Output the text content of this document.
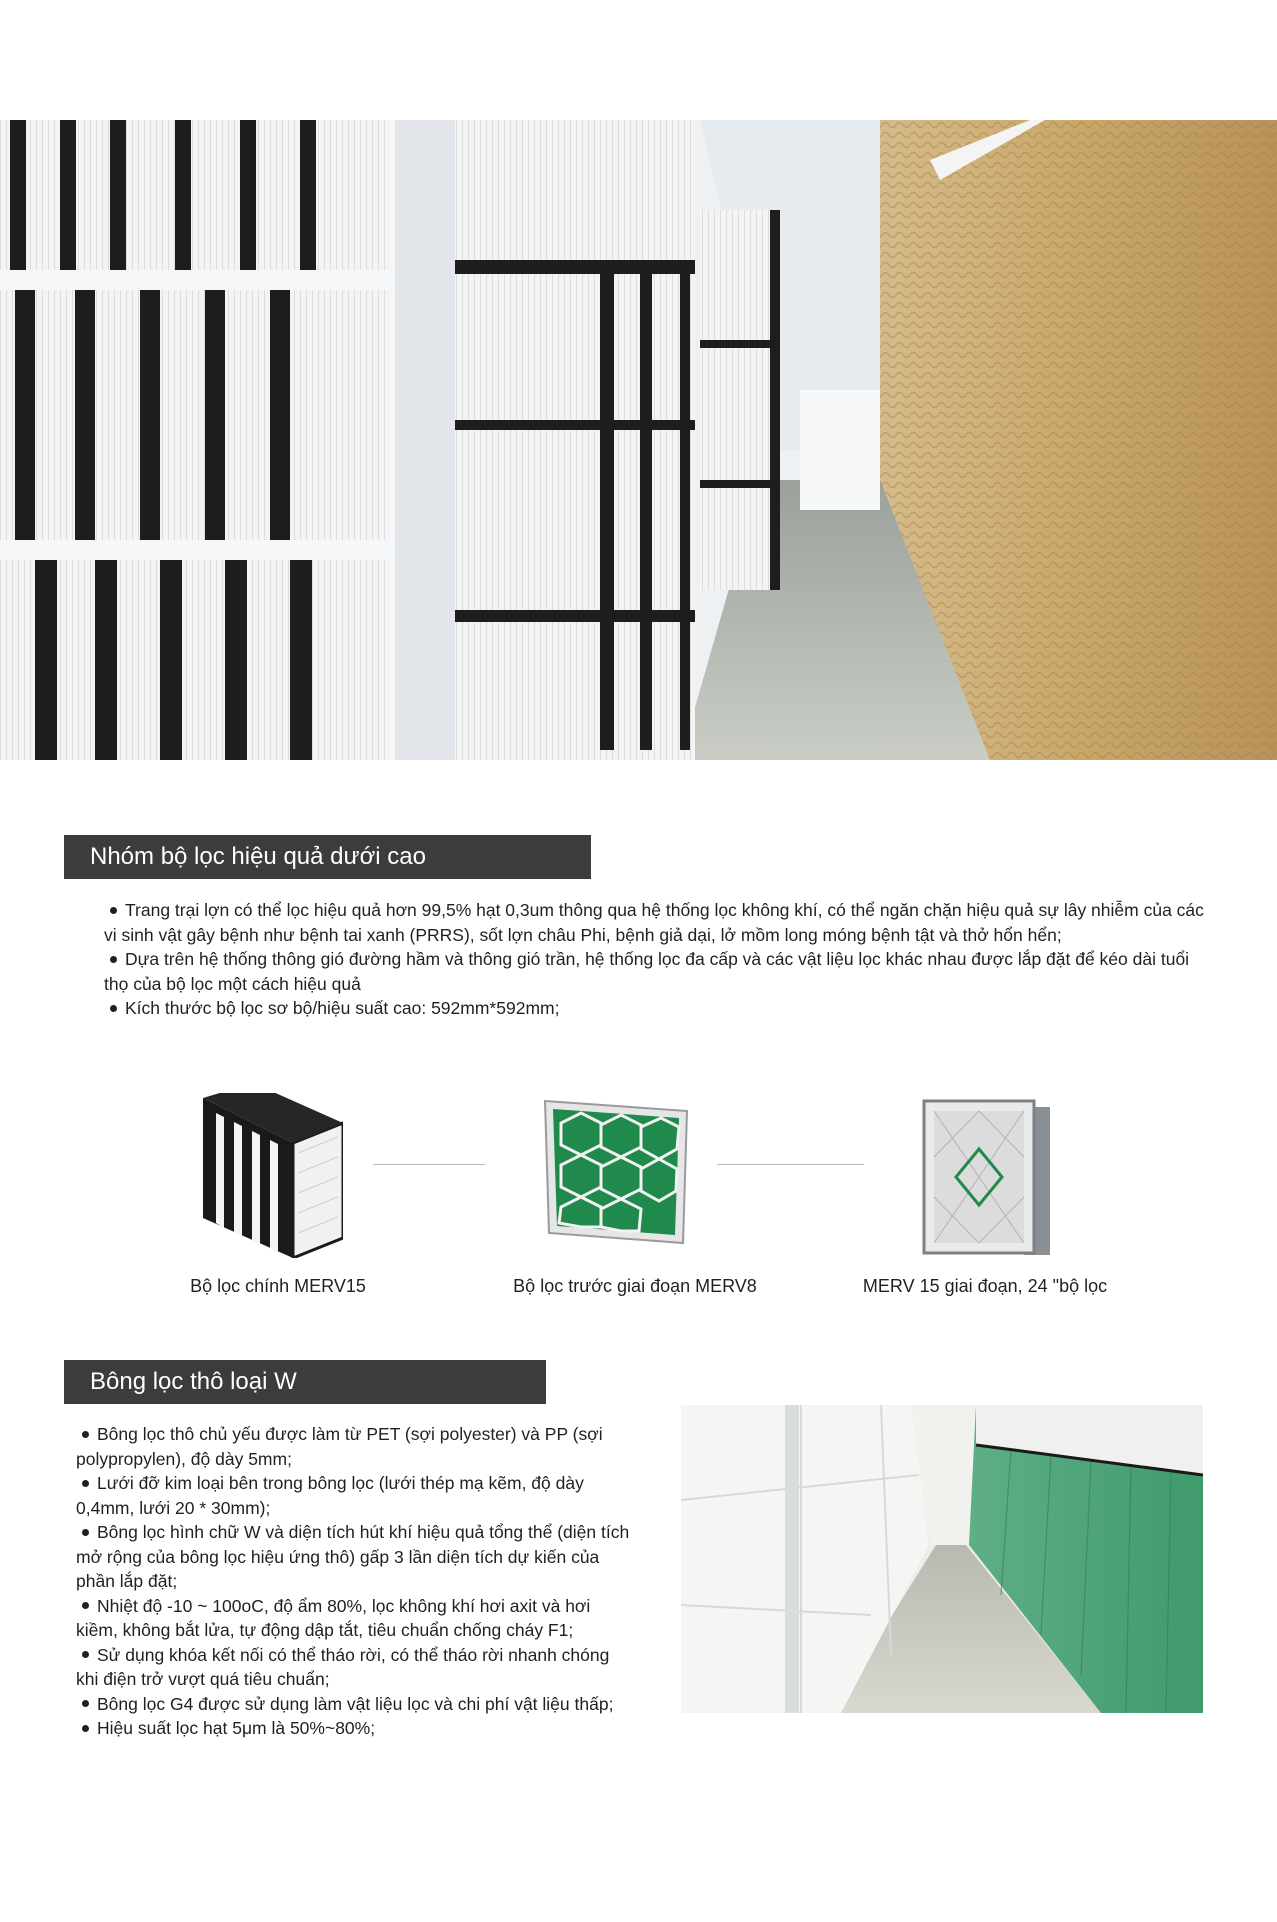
Nhóm bộ lọc hiệu quả dưới cao

Trang trại lợn có thể lọc hiệu quả hơn 99,5% hạt 0,3um thông qua hệ thống lọc không khí, có thể ngăn chặn hiệu quả sự lây nhiễm của các vi sinh vật gây bệnh như bệnh tai xanh (PRRS), sốt lợn châu Phi, bệnh giả dại, lở mồm long móng bệnh tật và thở hổn hển;

Dựa trên hệ thống thông gió đường hầm và thông gió trần, hệ thống lọc đa cấp và các vật liệu lọc khác nhau được lắp đặt để kéo dài tuổi thọ của bộ lọc một cách hiệu quả

Kích thước bộ lọc sơ bộ/hiệu suất cao: 592mm*592mm;

Bộ lọc chính MERV15	Bộ lọc trước giai đoạn MERV8	MERV 15 giai đoạn, 24 "bộ lọc
Bông lọc thô loại W

Bông lọc thô chủ yếu được làm từ PET (sợi polyester) và PP (sợi polypropylen), độ dày 5mm;

Lưới đỡ kim loại bên trong bông lọc (lưới thép mạ kẽm, độ dày 0,4mm, lưới 20 * 30mm);

Bông lọc hình chữ W và diện tích hút khí hiệu quả tổng thể (diện tích mở rộng của bông lọc hiệu ứng thô) gấp 3 lần diện tích dự kiến của phần lắp đặt;

Nhiệt độ -10 ~ 100oC, độ ẩm 80%, lọc không khí hơi axit và hơi kiềm, không bắt lửa, tự động dập tắt, tiêu chuẩn chống cháy F1;

Sử dụng khóa kết nối có thể tháo rời, có thể tháo rời nhanh chóng khi điện trở vượt quá tiêu chuẩn;

Bông lọc G4 được sử dụng làm vật liệu lọc và chi phí vật liệu thấp;

Hiệu suất lọc hạt 5μm là 50%~80%;
